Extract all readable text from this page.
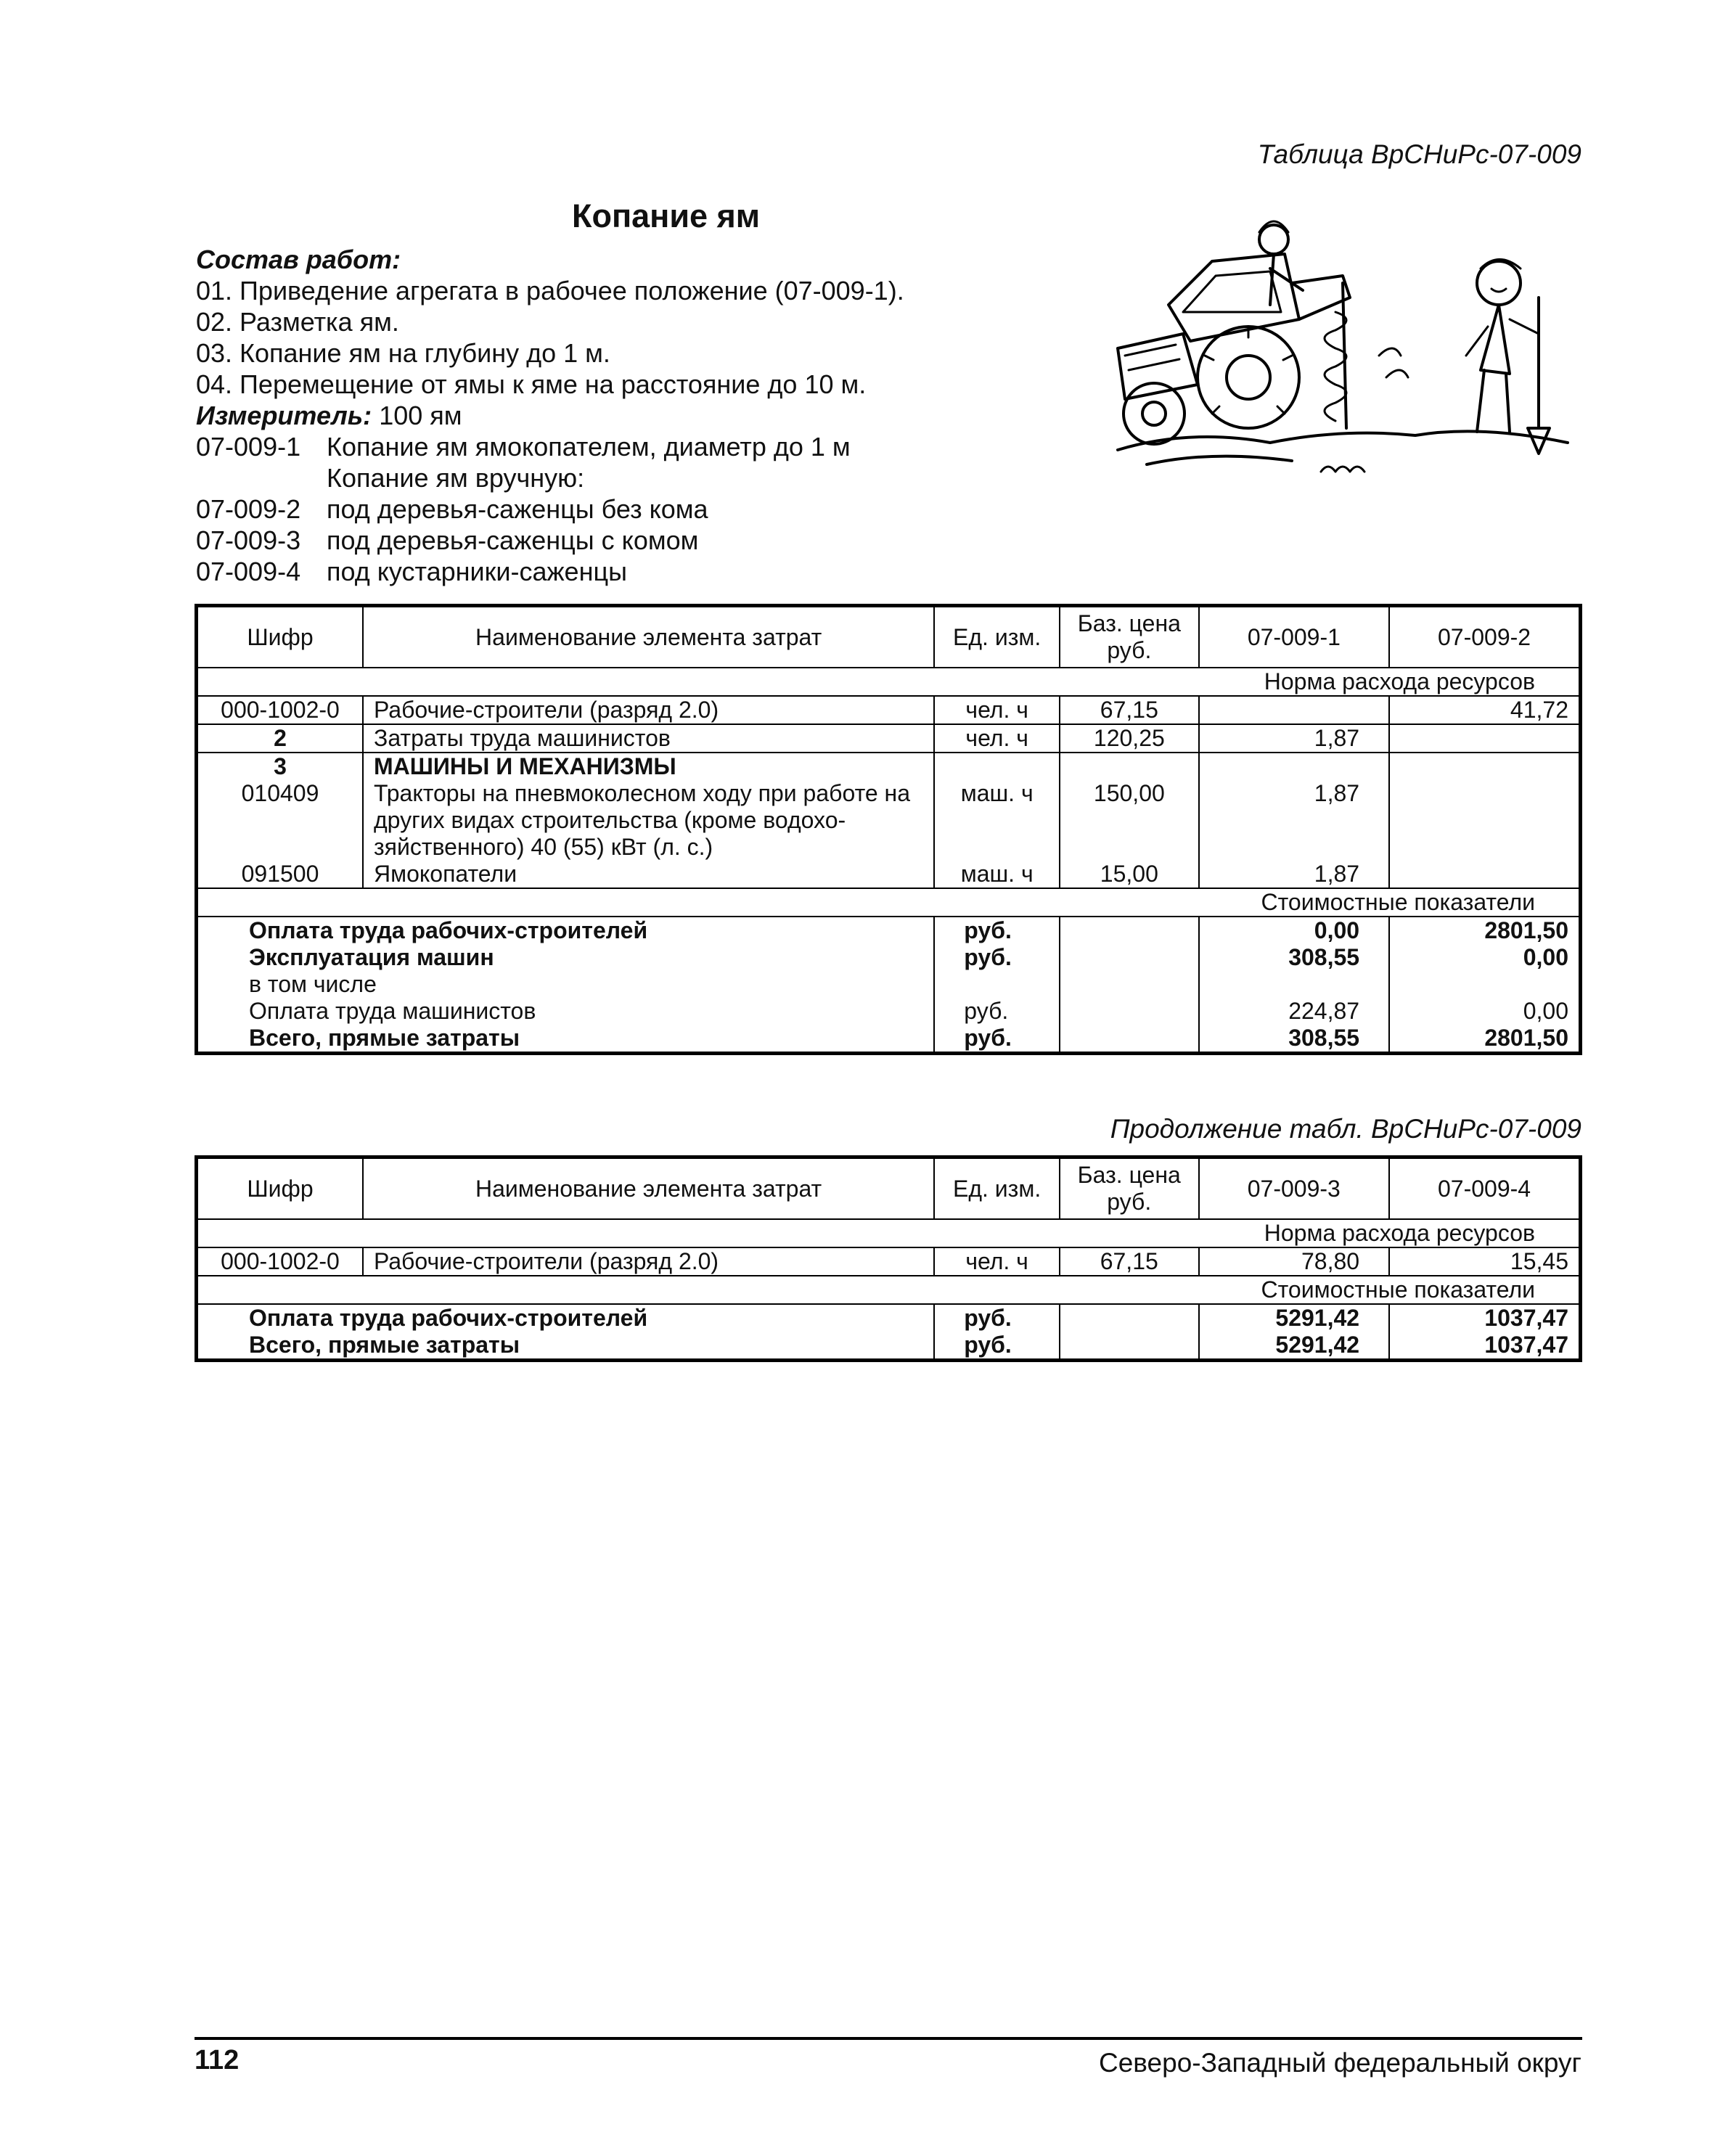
Таблица ВрСНиРс-07-009
Копание ям
Состав работ:
01. Приведение агрегата в рабочее положение (07-009-1).
02. Разметка ям.
03. Копание ям на глубину до 1 м.
04. Перемещение от ямы к яме на расстояние до 10 м.
Измеритель: 100 ям
07-009-1 Копание ям ямокопателем, диаметр до 1 м
Копание ям вручную:
07-009-2 под деревья-саженцы без кома
07-009-3 под деревья-саженцы с комом
07-009-4 под кустарники-саженцы
Шифр	Наименование элемента затрат	Ед. изм.	Баз. цена руб.	07-009-1	07-009-2
Норма расхода ресурсов					
000-1002-0	Рабочие-строители (разряд 2.0)	чел. ч	67,15		41,72
2	Затраты труда машинистов	чел. ч	120,25	1,87	
3	МАШИНЫ И МЕХАНИЗМЫ				
010409	Тракторы на пневмоколесном ходу при работе на других видах строительства (кроме водохо-зяйственного) 40 (55) кВт (л. с.)	маш. ч	150,00	1,87	
091500	Ямокопатели	маш. ч	15,00	1,87	
Стоимостные показатели					
Оплата труда рабочих-строителей		руб.		0,00	2801,50
Эксплуатация машин		руб.		308,55	0,00
в том числе					
Оплата труда машинистов		руб.		224,87	0,00
Всего, прямые затраты		руб.		308,55	2801,50
Продолжение табл. ВрСНиРс-07-009
Шифр	Наименование элемента затрат	Ед. изм.	Баз. цена руб.	07-009-3	07-009-4
Норма расхода ресурсов					
000-1002-0	Рабочие-строители (разряд 2.0)	чел. ч	67,15	78,80	15,45
Стоимостные показатели					
Оплата труда рабочих-строителей		руб.		5291,42	1037,47
Всего, прямые затраты		руб.		5291,42	1037,47
112	Северо-Западный федеральный округ
